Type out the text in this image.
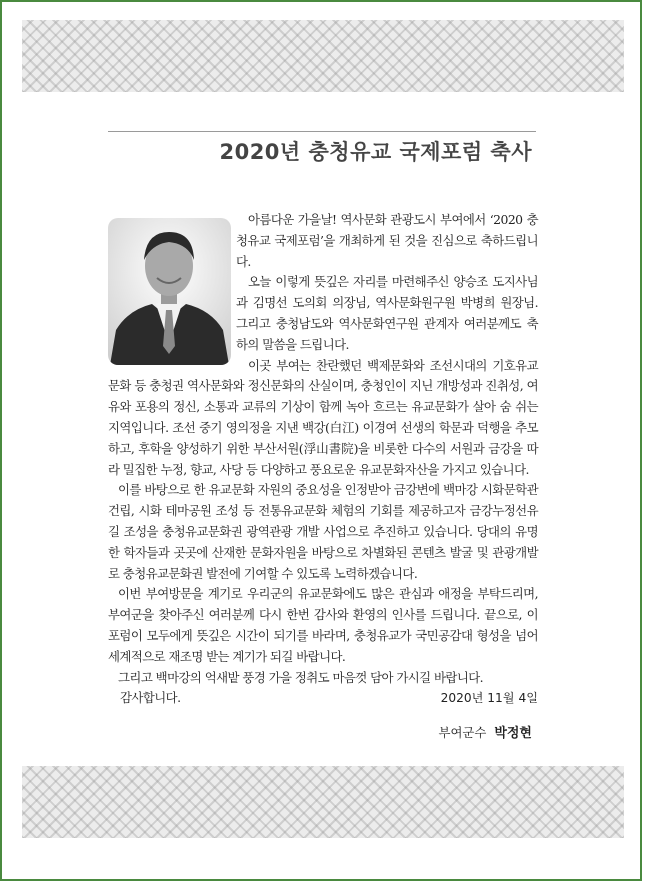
2020년 충청유교 국제포럼 축사

아름다운 가을날! 역사문화 관광도시 부여에서 ‘2020 충청유교 국제포럼’을 개최하게 된 것을 진심으로 축하드립니다.

오늘 이렇게 뜻깊은 자리를 마련해주신 양승조 도지사님과 김명선 도의회 의장님, 역사문화원구원 박병희 원장님. 그리고 충청남도와 역사문화연구원 관계자 여러분께도 축하의 말씀을 드립니다.

이곳 부여는 찬란했던 백제문화와 조선시대의 기호유교문화 등 충청권 역사문화와 정신문화의 산실이며, 충청인이 지닌 개방성과 진취성, 여유와 포용의 정신, 소통과 교류의 기상이 함께 녹아 흐르는 유교문화가 살아 숨 쉬는 지역입니다. 조선 중기 영의정을 지낸 백강(白江) 이경여 선생의 학문과 덕행을 추모하고, 후학을 양성하기 위한 부산서원(浮山書院)을 비롯한 다수의 서원과 금강을 따라 밀집한 누정, 향교, 사당 등 다양하고 풍요로운 유교문화자산을 가지고 있습니다.

이를 바탕으로 한 유교문화 자원의 중요성을 인정받아 금강변에 백마강 시화문학관 건립, 시화 테마공원 조성 등 전통유교문화 체험의 기회를 제공하고자 금강누정선유길 조성을 충청유교문화권 광역관광 개발 사업으로 추진하고 있습니다. 당대의 유명한 학자들과 곳곳에 산재한 문화자원을 바탕으로 차별화된 콘텐츠 발굴 및 관광개발로 충청유교문화권 발전에 기여할 수 있도록 노력하겠습니다.

이번 부여방문을 계기로 우리군의 유교문화에도 많은 관심과 애정을 부탁드리며, 부여군을 찾아주신 여러분께 다시 한번 감사와 환영의 인사를 드립니다. 끝으로, 이 포럼이 모두에게 뜻깊은 시간이 되기를 바라며, 충청유교가 국민공감대 형성을 넘어 세계적으로 재조명 받는 계기가 되길 바랍니다.

그리고 백마강의 억새밭 풍경 가을 정취도 마음껏 담아 가시길 바랍니다.

감사합니다.	2020년 11월 4일
부여군수 박정현
